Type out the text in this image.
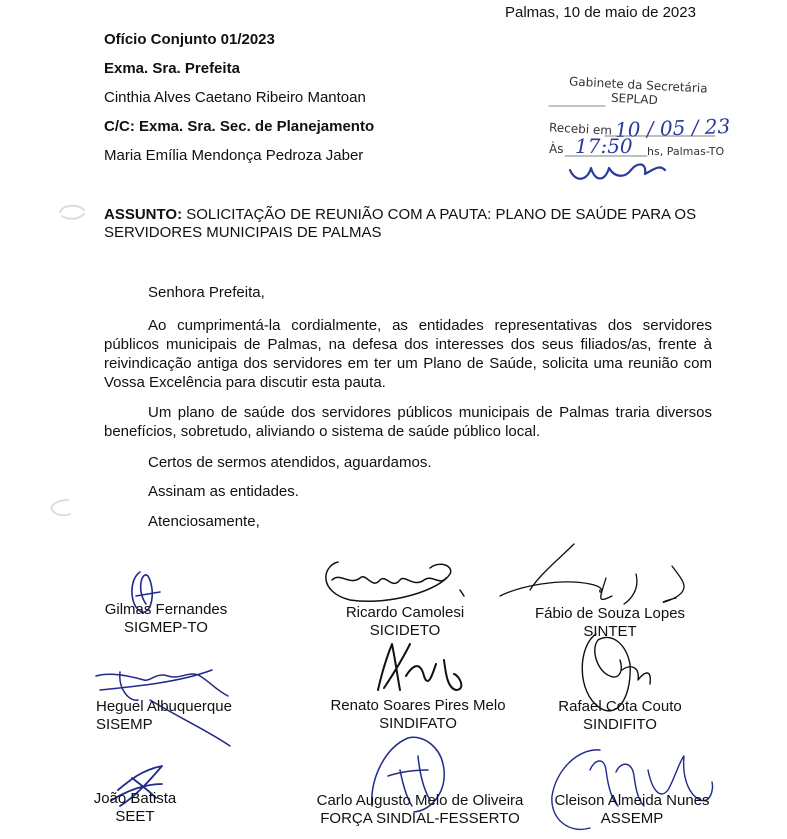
Palmas, 10 de maio de 2023
Ofício Conjunto 01/2023
Exma. Sra. Prefeita
Cinthia Alves Caetano Ribeiro Mantoan
C/C: Exma. Sra. Sec. de Planejamento
Maria Emília Mendonça Pedroza Jaber
Gabinete da Secretária
SEPLAD
Recebi em 10 / 05 / 23
Às 17:50 hs, Palmas-TO
ASSUNTO: SOLICITAÇÃO DE REUNIÃO COM A PAUTA: PLANO DE SAÚDE PARA OS SERVIDORES MUNICIPAIS DE PALMAS
Senhora Prefeita,
Ao cumprimentá-la cordialmente, as entidades representativas dos servidores públicos municipais de Palmas, na defesa dos interesses dos seus filiados/as, frente à reivindicação antiga dos servidores em ter um Plano de Saúde, solicita uma reunião com Vossa Excelência para discutir esta pauta.
Um plano de saúde dos servidores públicos municipais de Palmas traria diversos benefícios, sobretudo, aliviando o sistema de saúde público local.
Certos de sermos atendidos, aguardamos.
Assinam as entidades.
Atenciosamente,
Gilmas Fernandes
SIGMEP-TO
Ricardo Camolesi
SICIDETO
Fábio de Souza Lopes
SINTET
Heguel Albuquerque
SISEMP
Renato Soares Pires Melo
SINDIFATO
Rafael Cota Couto
SINDIFITO
João Batista
SEET
Carlo Augusto Melo de Oliveira
FORÇA SINDIAL-FESSERTO
Cleison Almeida Nunes
ASSEMP
